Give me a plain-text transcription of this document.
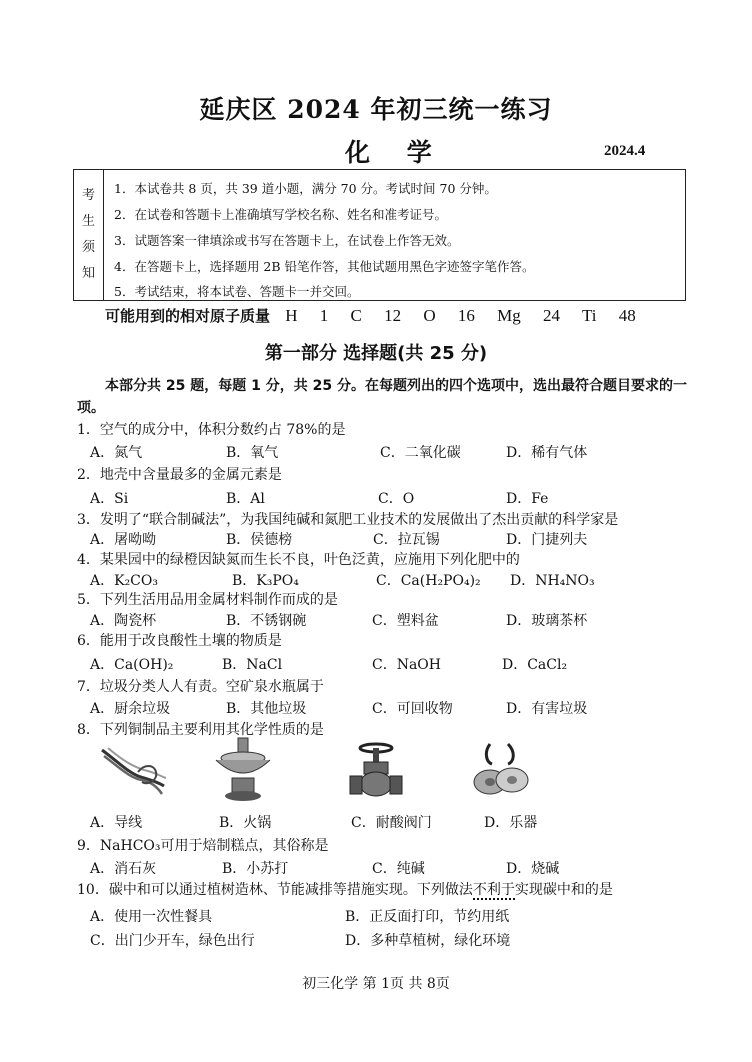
延庆区 2024 年初三统一练习
化 学	2024.4
考
生
须
知
1．本试卷共 8 页，共 39 道小题，满分 70 分。考试时间 70 分钟。
2．在试卷和答题卡上准确填写学校名称、姓名和准考证号。
3．试题答案一律填涂或书写在答题卡上，在试卷上作答无效。
4．在答题卡上，选择题用 2B 铅笔作答，其他试题用黑色字迹签字笔作答。
5．考试结束，将本试卷、答题卡一并交回。
可能用到的相对原子质量 H 1 C 12 O 16 Mg 24 Ti 48
第一部分 选择题(共 25 分)
本部分共 25 题，每题 1 分，共 25 分。在每题列出的四个选项中，选出最符合题目要求的一项。
1．空气的成分中，体积分数约占 78%的是
A．氮气	B．氧气	C．二氧化碳	D．稀有气体
2．地壳中含量最多的金属元素是
A．Si	B．Al	C．O	D．Fe
3．发明了“联合制碱法”，为我国纯碱和氮肥工业技术的发展做出了杰出贡献的科学家是
A．屠呦呦	B．侯德榜	C．拉瓦锡	D．门捷列夫
4．某果园中的绿橙因缺氮而生长不良，叶色泛黄，应施用下列化肥中的
A．K₂CO₃	B．K₃PO₄	C．Ca(H₂PO₄)₂ D．NH₄NO₃
5．下列生活用品用金属材料制作而成的是
A．陶瓷杯	B．不锈钢碗	C．塑料盆	D．玻璃茶杯
6．能用于改良酸性土壤的物质是
A．Ca(OH)₂	B．NaCl	C．NaOH	D．CaCl₂
7．垃圾分类人人有责。空矿泉水瓶属于
A．厨余垃圾	B．其他垃圾	C．可回收物	D．有害垃圾
8．下列铜制品主要利用其化学性质的是
A．导线	B．火锅	C．耐酸阀门	D．乐器
9．NaHCO₃可用于焙制糕点，其俗称是
A．消石灰	B．小苏打	C．纯碱	D．烧碱
10．碳中和可以通过植树造林、节能减排等措施实现。下列做法不利于实现碳中和的是
A．使用一次性餐具	B．正反面打印，节约用纸
C．出门少开车，绿色出行	D．多种草植树，绿化环境
初三化学 第 1页 共 8页
